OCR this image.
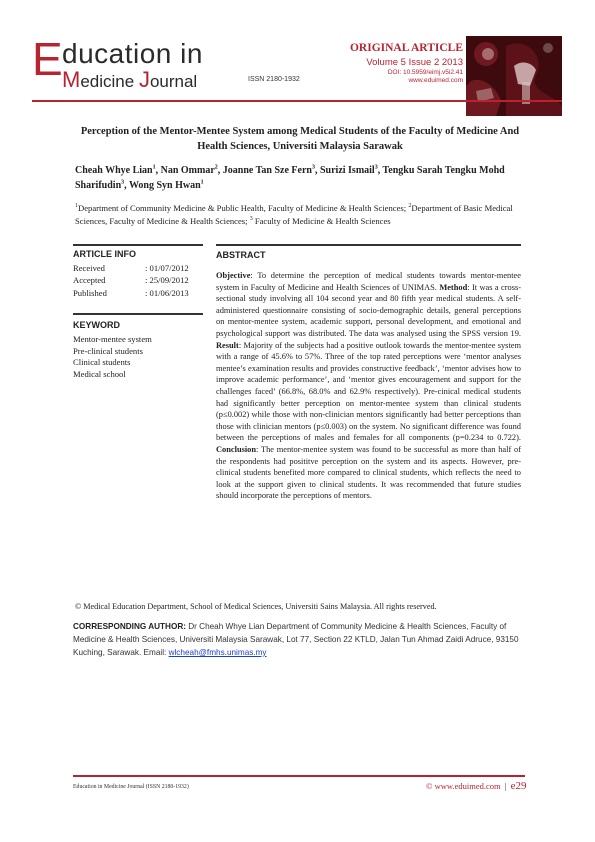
E ducation in
Medicine Journal	ISSN 2180-1932
ORIGINAL ARTICLE
Volume 5 Issue 2 2013
DOI: 10.5959/eimj.v5i2.41
www.eduimed.com
Perception of the Mentor-Mentee System among Medical Students of the Faculty of Medicine And Health Sciences, Universiti Malaysia Sarawak
Cheah Whye Lian$^1$, Nan Ommar$^2$, Joanne Tan Sze Fern$^3$, Surizi Ismail$^3$, Tengku Sarah Tengku Mohd Sharifudin$^3$, Wong Syn Hwan$^1$
$^1$Department of Community Medicine & Public Health, Faculty of Medicine & Health Sciences; $^2$Department of Basic Medical Sciences, Faculty of Medicine & Health Sciences; $^3$ Faculty of Medicine & Health Sciences
ARTICLE INFO
Received	: 01/07/2012
Accepted	: 25/09/2012
Published	: 01/06/2013
KEYWORD
Mentor-mentee system
Pre-clinical students
Clinical students
Medical school
ABSTRACT
Objective: To determine the perception of medical students towards mentor-mentee system in Faculty of Medicine and Health Sciences of UNIMAS. Method: It was a cross-sectional study involving all 104 second year and 80 fifth year medical students. A self-administered questionnaire consisting of socio-demographic details, general perceptions on mentor-mentee system, academic support, personal development, and emotional and psychological support was distributed. The data was analysed using the SPSS version 19. Result: Majority of the subjects had a positive outlook towards the mentor-mentee system with a range of 45.6% to 57%. Three of the top rated perceptions were ‘mentor analyses mentee’s examination results and provides constructive feedback’, ‘mentor advises how to improve academic performance’, and ‘mentor gives encouragement and support for the challenges faced’ (66.8%, 68.0% and 62.9% respectively). Pre-cinical medical students had significantly better perception on mentor-mentee system than clinical students (p≤0.002) while those with non-clinician mentors significantly had better perceptions than those with clinician mentors (p≤0.003) on the system. No significant difference was found between the perceptions of males and females for all components (p=0.234 to 0.722). Conclusion: The mentor-mentee system was found to be successful as more than half of the respondents had posititve perception on the system and its aspects. However, pre-clinical students benefited more compared to clinical students, which reflects the need to look at the support given to clinical students. It was recommended that future studies should incorporate the perceptions of mentors.
© Medical Education Department, School of Medical Sciences, Universiti Sains Malaysia. All rights reserved.
CORRESPONDING AUTHOR: Dr Cheah Whye Lian Department of Community Medicine & Health Sciences, Faculty of Medicine & Health Sciences, Universiti Malaysia Sarawak, Lot 77, Section 22 KTLD, Jalan Tun Ahmad Zaidi Adruce, 93150 Kuching, Sarawak. Email: wlcheah@fmhs.unimas.my
Education in Medicine Journal (ISSN 2180-1932)	© www.eduimed.com | e29
